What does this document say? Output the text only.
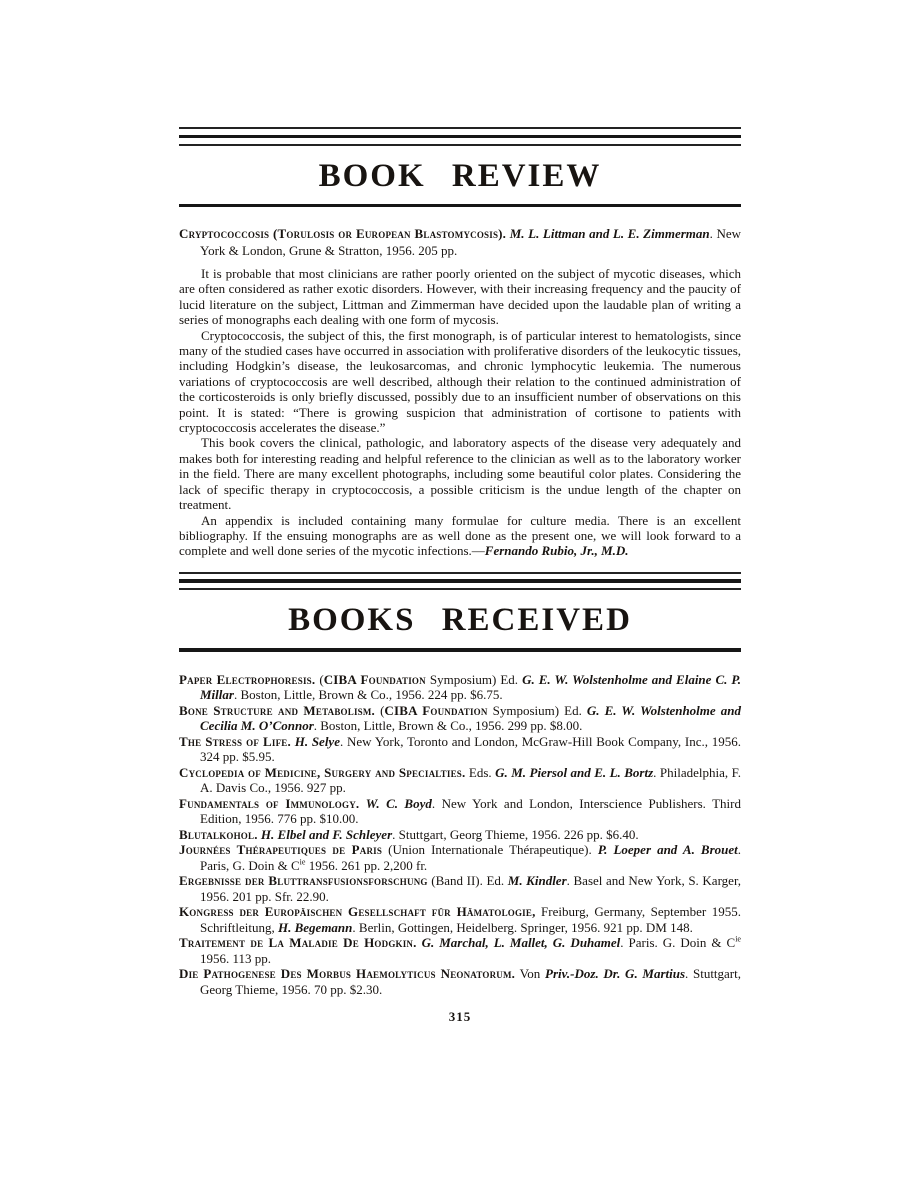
BOOK REVIEW

Cryptococcosis (Torulosis or European Blastomycosis). M. L. Littman and L. E. Zimmerman. New York & London, Grune & Stratton, 1956. 205 pp.

It is probable that most clinicians are rather poorly oriented on the subject of mycotic diseases, which are often considered as rather exotic disorders. However, with their increasing frequency and the paucity of lucid literature on the subject, Littman and Zimmerman have decided upon the laudable plan of writing a series of monographs each dealing with one form of mycosis.

Cryptococcosis, the subject of this, the first monograph, is of particular interest to hematologists, since many of the studied cases have occurred in association with proliferative disorders of the leukocytic tissues, including Hodgkin’s disease, the leukosarcomas, and chronic lymphocytic leukemia. The numerous variations of cryptococcosis are well described, although their relation to the continued administration of the corticosteroids is only briefly discussed, possibly due to an insufficient number of observations on this point. It is stated: “There is growing suspicion that administration of cortisone to patients with cryptococcosis accelerates the disease.”

This book covers the clinical, pathologic, and laboratory aspects of the disease very adequately and makes both for interesting reading and helpful reference to the clinician as well as to the laboratory worker in the field. There are many excellent photographs, including some beautiful color plates. Considering the lack of specific therapy in cryptococcosis, a possible criticism is the undue length of the chapter on treatment.

An appendix is included containing many formulae for culture media. There is an excellent bibliography. If the ensuing monographs are as well done as the present one, we will look forward to a complete and well done series of the mycotic infections.—Fernando Rubio, Jr., M.D.

BOOKS RECEIVED

Paper Electrophoresis. (CIBA Foundation Symposium) Ed. G. E. W. Wolstenholme and Elaine C. P. Millar. Boston, Little, Brown & Co., 1956. 224 pp. $6.75.

Bone Structure and Metabolism. (CIBA Foundation Symposium) Ed. G. E. W. Wolstenholme and Cecilia M. O’Connor. Boston, Little, Brown & Co., 1956. 299 pp. $8.00.

The Stress of Life. H. Selye. New York, Toronto and London, McGraw-Hill Book Company, Inc., 1956. 324 pp. $5.95.

Cyclopedia of Medicine, Surgery and Specialties. Eds. G. M. Piersol and E. L. Bortz. Philadelphia, F. A. Davis Co., 1956. 927 pp.

Fundamentals of Immunology. W. C. Boyd. New York and London, Interscience Publishers. Third Edition, 1956. 776 pp. $10.00.

Blutalkohol. H. Elbel and F. Schleyer. Stuttgart, Georg Thieme, 1956. 226 pp. $6.40.

Journées Thérapeutiques de Paris (Union Internationale Thérapeutique). P. Loeper and A. Brouet. Paris, G. Doin & $C^{ie}$ 1956. 261 pp. 2,200 fr.

Ergebnisse der Bluttransfusionsforschung (Band II). Ed. M. Kindler. Basel and New York, S. Karger, 1956. 201 pp. Sfr. 22.90.

Kongress der Europäischen Gesellschaft für Hämatologie, Freiburg, Germany, September 1955. Schriftleitung, H. Begemann. Berlin, Gottingen, Heidelberg. Springer, 1956. 921 pp. DM 148.

Traitement de La Maladie De Hodgkin. G. Marchal, L. Mallet, G. Duhamel. Paris. G. Doin & $C^{ie}$ 1956. 113 pp.

Die Pathogenese Des Morbus Haemolyticus Neonatorum. Von Priv.-Doz. Dr. G. Martius. Stuttgart, Georg Thieme, 1956. 70 pp. $2.30.

315
